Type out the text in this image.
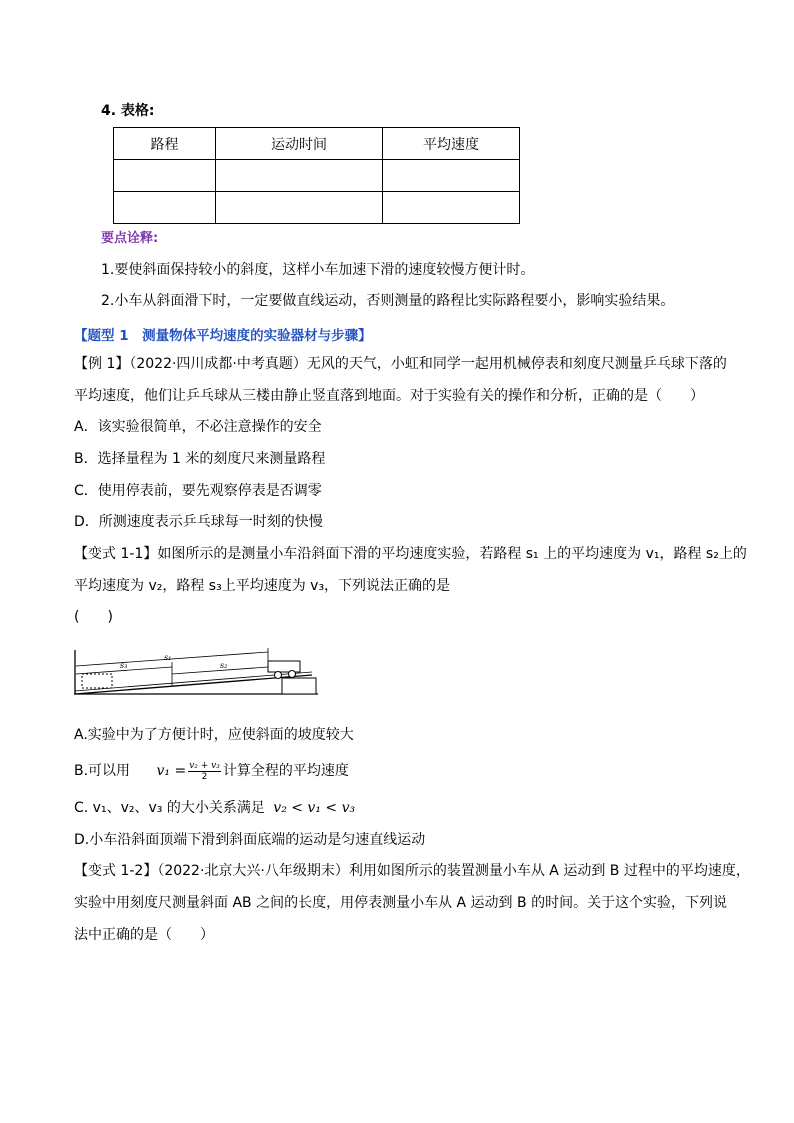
4. 表格:
路程	运动时间	平均速度

要点诠释:
1.要使斜面保持较小的斜度，这样小车加速下滑的速度较慢方便计时。
2.小车从斜面滑下时，一定要做直线运动，否则测量的路程比实际路程要小，影响实验结果。
【题型 1　测量物体平均速度的实验器材与步骤】
【例 1】（2022·四川成都·中考真题）无风的天气，小虹和同学一起用机械停表和刻度尺测量乒乓球下落的
平均速度，他们让乒乓球从三楼由静止竖直落到地面。对于实验有关的操作和分析，正确的是（　　）
A．该实验很简单，不必注意操作的安全
B．选择量程为 1 米的刻度尺来测量路程
C．使用停表前，要先观察停表是否调零
D．所测速度表示乒乓球每一时刻的快慢
【变式 1-1】如图所示的是测量小车沿斜面下滑的平均速度实验，若路程 s₁ 上的平均速度为 v₁，路程 s₂上的
平均速度为 v₂，路程 s₃上平均速度为 v₃，下列说法正确的是
(　　)
s₁
s₃	s₂
A.实验中为了方便计时，应使斜面的坡度较大
B.可以用 $v_1 = \frac{\text{v₂ + v₃}}{2}$ 计算全程的平均速度
C. v₁、v₂、v₃ 的大小关系满足 v₂ < v₁ < v₃
D.小车沿斜面顶端下滑到斜面底端的运动是匀速直线运动
【变式 1-2】（2022·北京大兴·八年级期末）利用如图所示的装置测量小车从 A 运动到 B 过程中的平均速度，
实验中用刻度尺测量斜面 AB 之间的长度，用停表测量小车从 A 运动到 B 的时间。关于这个实验，下列说
法中正确的是（　　）
